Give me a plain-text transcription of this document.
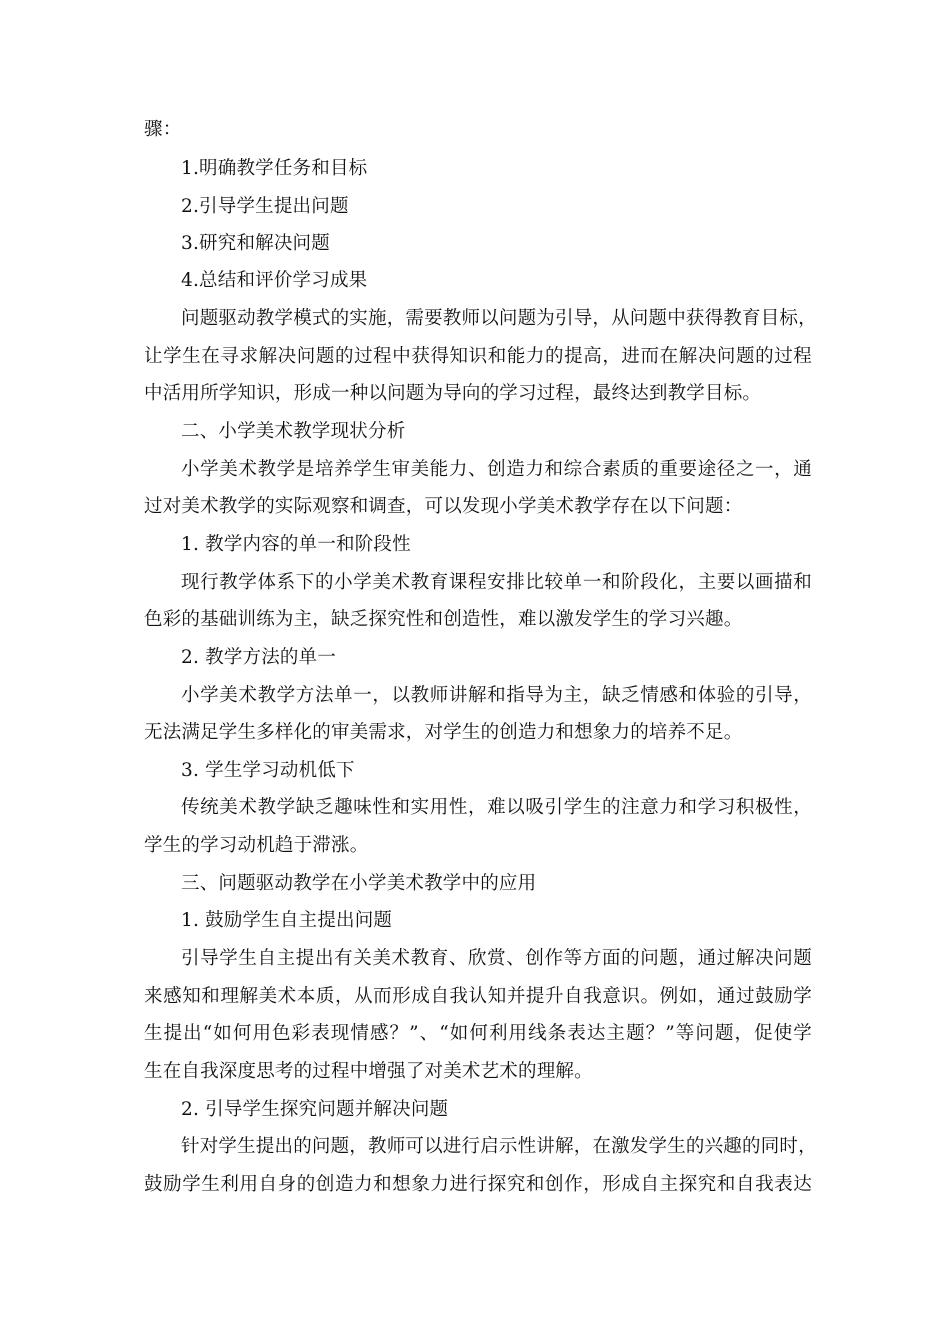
骤：
1.明确教学任务和目标
2.引导学生提出问题
3.研究和解决问题
4.总结和评价学习成果
问题驱动教学模式的实施，需要教师以问题为引导，从问题中获得教育目标，
让学生在寻求解决问题的过程中获得知识和能力的提高，进而在解决问题的过程
中活用所学知识，形成一种以问题为导向的学习过程，最终达到教学目标。
二、小学美术教学现状分析
小学美术教学是培养学生审美能力、创造力和综合素质的重要途径之一，通
过对美术教学的实际观察和调查，可以发现小学美术教学存在以下问题：
1. 教学内容的单一和阶段性
现行教学体系下的小学美术教育课程安排比较单一和阶段化，主要以画描和
色彩的基础训练为主，缺乏探究性和创造性，难以激发学生的学习兴趣。
2. 教学方法的单一
小学美术教学方法单一，以教师讲解和指导为主，缺乏情感和体验的引导，
无法满足学生多样化的审美需求，对学生的创造力和想象力的培养不足。
3. 学生学习动机低下
传统美术教学缺乏趣味性和实用性，难以吸引学生的注意力和学习积极性，
学生的学习动机趋于滞涨。
三、问题驱动教学在小学美术教学中的应用
1. 鼓励学生自主提出问题
引导学生自主提出有关美术教育、欣赏、创作等方面的问题，通过解决问题
来感知和理解美术本质，从而形成自我认知并提升自我意识。例如，通过鼓励学
生提出“如何用色彩表现情感？”、“如何利用线条表达主题？”等问题，促使学
生在自我深度思考的过程中增强了对美术艺术的理解。
2. 引导学生探究问题并解决问题
针对学生提出的问题，教师可以进行启示性讲解，在激发学生的兴趣的同时，
鼓励学生利用自身的创造力和想象力进行探究和创作，形成自主探究和自我表达
